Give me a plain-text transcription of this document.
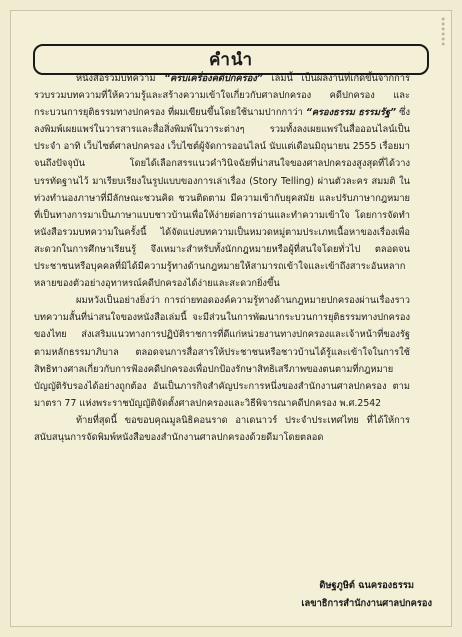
●
●
●
●
●
●
คำนำ

หนังสือรวมบทความ “ครบเครื่องคดีปกครอง” เล่มนี้ เป็นผลงานที่เกิดขึ้นจากการรวบรวมบทความที่ให้ความรู้และสร้างความเข้าใจเกี่ยวกับศาลปกครอง คดีปกครอง และกระบวนการยุติธรรมทางปกครอง ที่ผมเขียนขึ้นโดยใช้นามปากกาว่า “ครองธรรม ธรรมรัฐ” ซึ่งลงพิมพ์เผยแพร่ในวารสารและสื่อสิ่งพิมพ์ในวาระต่างๆ รวมทั้งลงเผยแพร่ในสื่อออนไลน์เป็นประจำ อาทิ เว็บไซต์ศาลปกครอง เว็บไซต์ผู้จัดการออนไลน์ นับแต่เดือนมิถุนายน 2555 เรื่อยมาจนถึงปัจจุบัน โดยได้เลือกสรรแนวคำวินิจฉัยที่น่าสนใจของศาลปกครองสูงสุดที่ได้วางบรรทัดฐานไว้ มาเรียบเรียงในรูปแบบของการเล่าเรื่อง (Story Telling) ผ่านตัวละคร สมมติ ในท่วงทำนองภาษาที่มีลักษณะชวนคิด ชวนติดตาม มีความเข้ากับยุคสมัย และปรับภาษากฎหมายที่เป็นทางการมาเป็นภาษาแบบชาวบ้านเพื่อให้ง่ายต่อการอ่านและทำความเข้าใจ โดยการจัดทำหนังสือรวมบทความในครั้งนี้ ได้จัดแบ่งบทความเป็นหมวดหมู่ตามประเภทเนื้อหาของเรื่องเพื่อสะดวกในการศึกษาเรียนรู้ จึงเหมาะสำหรับทั้งนักกฎหมายหรือผู้ที่สนใจโดยทั่วไป ตลอดจนประชาชนหรือบุคคลที่มิได้มีความรู้ทางด้านกฎหมายให้สามารถเข้าใจและเข้าถึงสาระอันหลากหลายของตัวอย่างอุทาหรณ์คดีปกครองได้ง่ายและสะดวกยิ่งขึ้น

ผมหวังเป็นอย่างยิ่งว่า การถ่ายทอดองค์ความรู้ทางด้านกฎหมายปกครองผ่านเรื่องราวบทความสั้นที่น่าสนใจของหนังสือเล่มนี้ จะมีส่วนในการพัฒนากระบวนการยุติธรรมทางปกครองของไทย ส่งเสริมแนวทางการปฏิบัติราชการที่ดีแก่หน่วยงานทางปกครองและเจ้าหน้าที่ของรัฐตามหลักธรรมาภิบาล ตลอดจนการสื่อสารให้ประชาชนหรือชาวบ้านได้รู้และเข้าใจในการใช้สิทธิทางศาลเกี่ยวกับการฟ้องคดีปกครองเพื่อปกป้องรักษาสิทธิเสรีภาพของตนตามที่กฎหมายบัญญัติรับรองได้อย่างถูกต้อง อันเป็นภารกิจสำคัญประการหนึ่งของสำนักงานศาลปกครอง ตามมาตรา 77 แห่งพระราชบัญญัติจัดตั้งศาลปกครองและวิธีพิจารณาคดีปกครอง พ.ศ.2542

ท้ายที่สุดนี้ ขอขอบคุณมูลนิธิคอนราด อาเดนาวร์ ประจำประเทศไทย ที่ได้ให้การสนับสนุนการจัดพิมพ์หนังสือของสำนักงานศาลปกครองด้วยดีมาโดยตลอด

ดิษฐภูษิต์ ฉนครองธรรม
เลขาธิการสำนักงานศาลปกครอง
